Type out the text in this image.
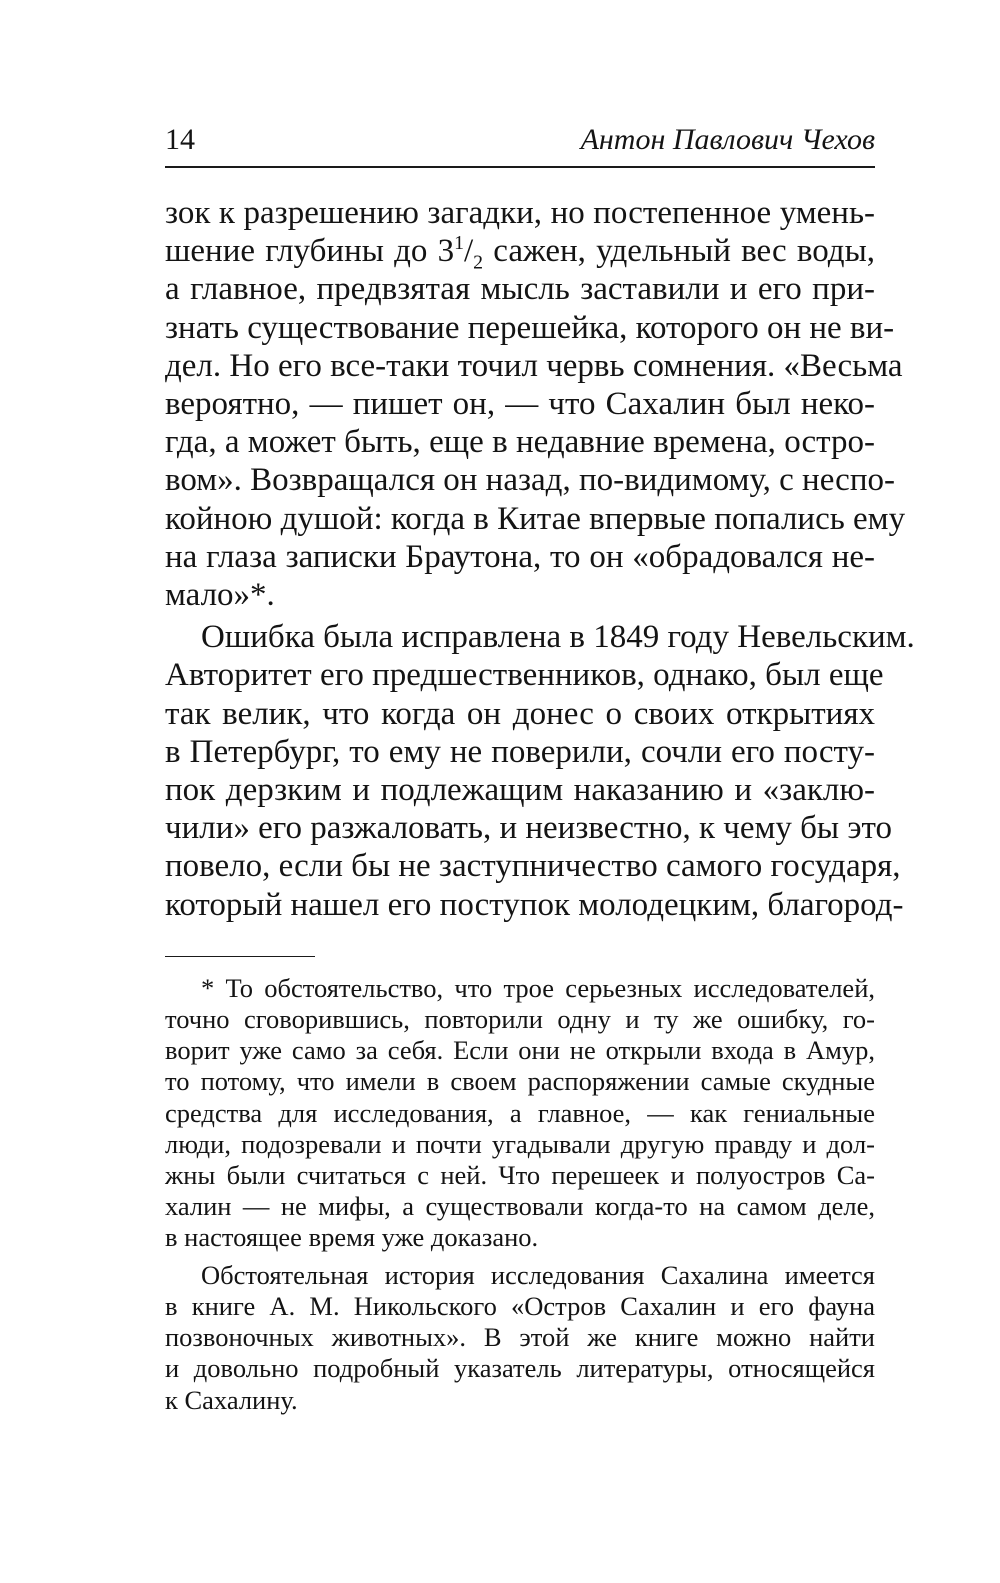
14	Антон Павлович Чехов

зок к разрешению загадки, но постепенное умень-
шение глубины до $3^1/_2$ сажен, удельный вес воды,
а главное, предвзятая мысль заставили и его при-
знать существование перешейка, которого он не ви-
дел. Но его все-таки точил червь сомнения. «Весьма
вероятно, — пишет он, — что Сахалин был неко-
гда, а может быть, еще в недавние времена, остро-
вом». Возвращался он назад, по-видимому, с неспо-
койною душой: когда в Китае впервые попались ему
на глаза записки Браутона, то он «обрадовался не-
мало»*.

Ошибка была исправлена в 1849 году Невельским.
Авторитет его предшественников, однако, был еще
так велик, что когда он донес о своих открытиях
в Петербург, то ему не поверили, сочли его посту-
пок дерзким и подлежащим наказанию и «заклю-
чили» его разжаловать, и неизвестно, к чему бы это
повело, если бы не заступничество самого государя,
который нашел его поступок молодецким, благород-

* То обстоятельство, что трое серьезных исследователей,
точно сговорившись, повторили одну и ту же ошибку, го-
ворит уже само за себя. Если они не открыли входа в Амур,
то потому, что имели в своем распоряжении самые скудные
средства для исследования, а главное, — как гениальные
люди, подозревали и почти угадывали другую правду и дол-
жны были считаться с ней. Что перешеек и полуостров Са-
халин — не мифы, а существовали когда-то на самом деле,
в настоящее время уже доказано.
Обстоятельная история исследования Сахалина имеется
в книге А. М. Никольского «Остров Сахалин и его фауна
позвоночных животных». В этой же книге можно найти
и довольно подробный указатель литературы, относящейся
к Сахалину.
